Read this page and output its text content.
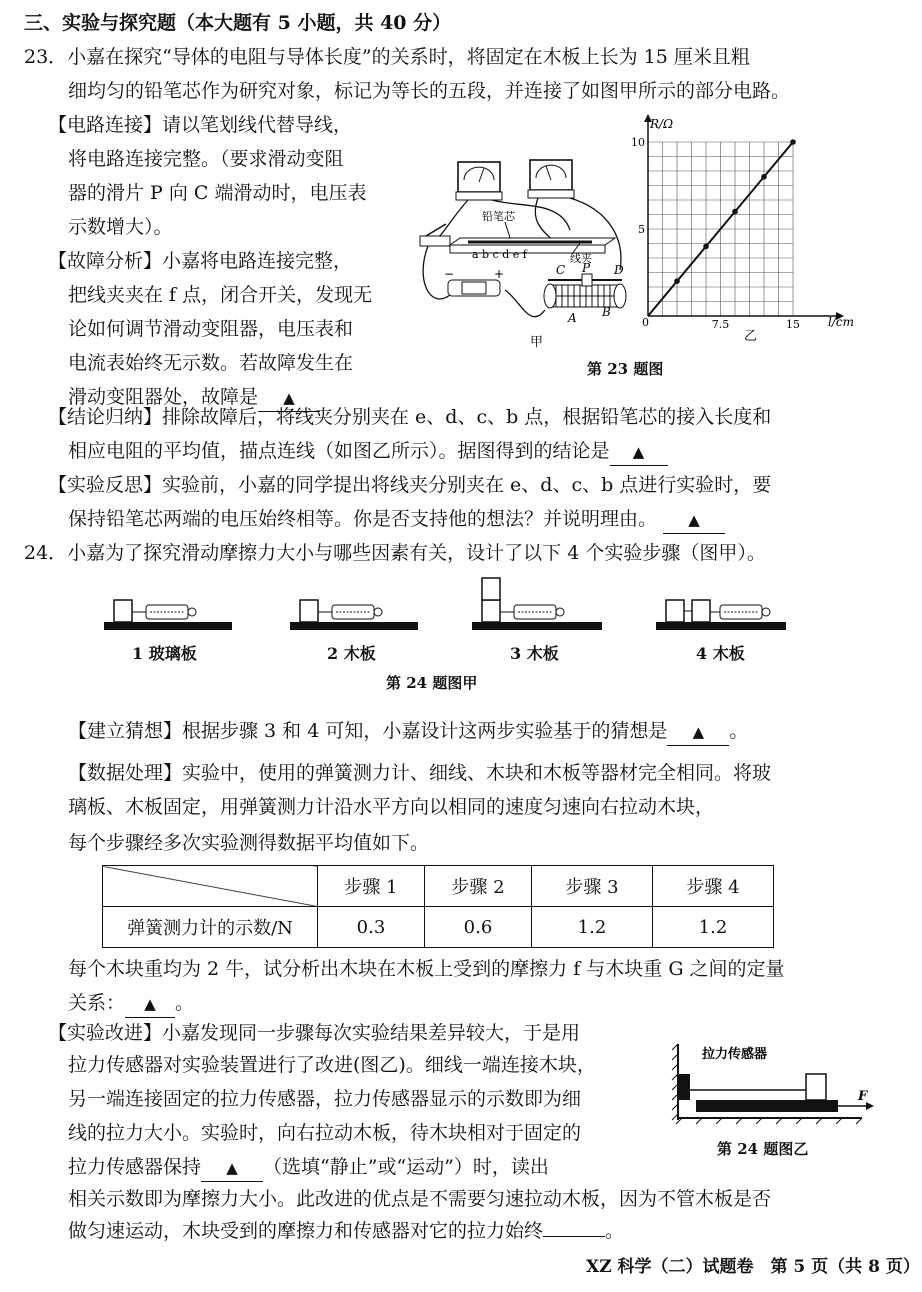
三、实验与探究题（本大题有 5 小题，共 40 分）
23．小嘉在探究“导体的电阻与导体长度”的关系时，将固定在木板上长为 15 厘米且粗
细均匀的铅笔芯作为研究对象，标记为等长的五段，并连接了如图甲所示的部分电路。
【电路连接】请以笔划线代替导线，
将电路连接完整。（要求滑动变阻
器的滑片 P 向 C 端滑动时，电压表
示数增大）。
【故障分析】小嘉将电路连接完整，
把线夹夹在 f 点，闭合开关，发现无
论如何调节滑动变阻器，电压表和
电流表始终无示数。若故障发生在
滑动变阻器处，故障是 ▲
a b c d e f
铅笔芯
线夹
−	+	C P D
A B
甲
R/Ω
l/cm
0	7.5	15
5
10
乙
第 23 题图
【结论归纳】排除故障后，将线夹分别夹在 e、d、c、b 点，根据铅笔芯的接入长度和
相应电阻的平均值，描点连线（如图乙所示）。据图得到的结论是 ▲
【实验反思】实验前，小嘉的同学提出将线夹分别夹在 e、d、c、b 点进行实验时，要
保持铅笔芯两端的电压始终相等。你是否支持他的想法？并说明理由。 ▲
24．小嘉为了探究滑动摩擦力大小与哪些因素有关，设计了以下 4 个实验步骤（图甲）。
1 玻璃板	2 木板	3 木板	4 木板
第 24 题图甲
【建立猜想】根据步骤 3 和 4 可知，小嘉设计这两步实验基于的猜想是 ▲ 。
【数据处理】实验中，使用的弹簧测力计、细线、木块和木板等器材完全相同。将玻
璃板、木板固定，用弹簧测力计沿水平方向以相同的速度匀速向右拉动木块，
每个步骤经多次实验测得数据平均值如下。
	步骤 1	步骤 2	步骤 3	步骤 4
弹簧测力计的示数/N	0.3	0.6	1.2	1.2
每个木块重均为 2 牛，试分析出木块在木板上受到的摩擦力 f 与木块重 G 之间的定量
关系： ▲ 。
【实验改进】小嘉发现同一步骤每次实验结果差异较大，于是用
拉力传感器对实验装置进行了改进(图乙)。细线一端连接木块，
另一端连接固定的拉力传感器，拉力传感器显示的示数即为细
线的拉力大小。实验时，向右拉动木板，待木块相对于固定的
拉力传感器保持 ▲ （选填“静止”或“运动”）时，读出
相关示数即为摩擦力大小。此改进的优点是不需要匀速拉动木板，因为不管木板是否
做匀速运动，木块受到的摩擦力和传感器对它的拉力始终	。
F
拉力传感器
第 24 题图乙
XZ 科学（二）试题卷　第 5 页（共 8 页）
